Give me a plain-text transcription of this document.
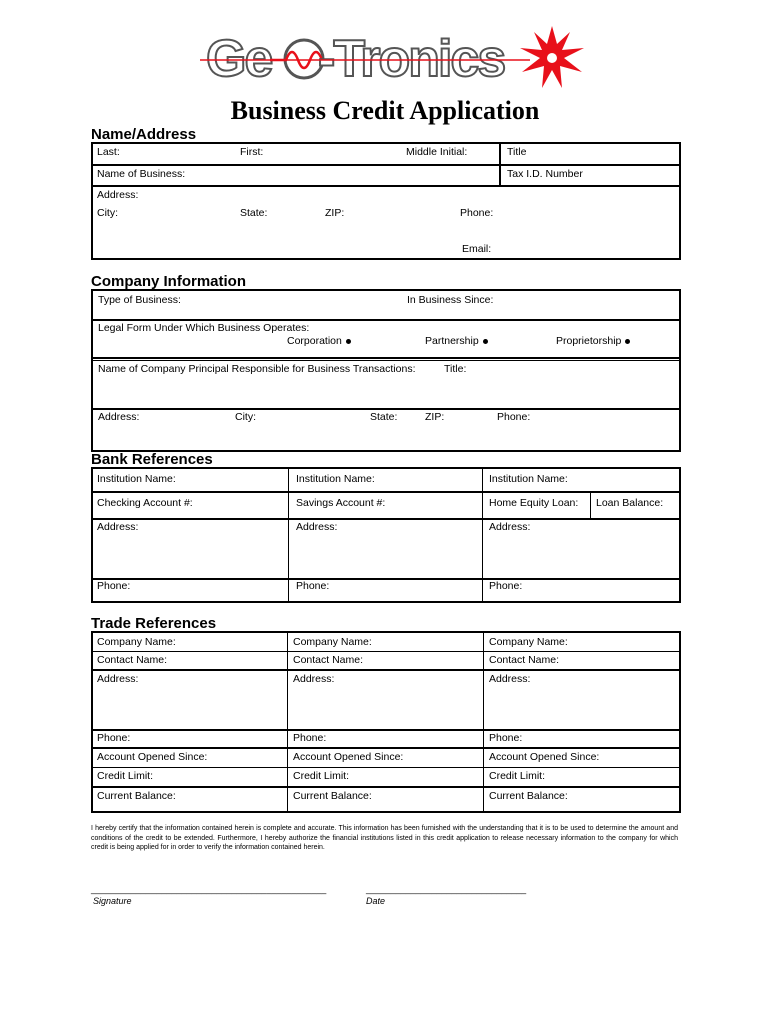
Ge -Tronics
Business Credit Application
Name/Address
Last:	First:	Middle Initial:	Title
Name of Business:	Tax I.D. Number
Address:
City:	State:	ZIP:	Phone:
Email:
Company Information
Type of Business:	In Business Since:
Legal Form Under Which Business Operates:
Corporation	Partnership	Proprietorship
Name of Company Principal Responsible for Business Transactions:	Title:
Address:	City:	State:	ZIP:	Phone:
Bank References
Institution Name:	Institution Name:	Institution Name:
Checking Account #:	Savings Account #:	Home Equity Loan: Loan Balance:
Address:	Address:	Address:
Phone:	Phone:	Phone:
Trade References
Company Name:	Company Name:	Company Name:
Contact Name:	Contact Name:	Contact Name:
Address:	Address:	Address:
Phone:	Phone:	Phone:
Account Opened Since:	Account Opened Since:	Account Opened Since:
Credit Limit:	Credit Limit:	Credit Limit:
Current Balance:	Current Balance:	Current Balance:
I hereby certify that the information contained herein is complete and accurate. This information has been furnished with the understanding that it is to be used to determine the amount and conditions of the credit to be extended. Furthermore, I hereby authorize the financial institutions listed in this credit application to release necessary information to the company for which credit is being applied for in order to verify the information contained herein.
_______________________________________________
Signature
________________________________
Date
